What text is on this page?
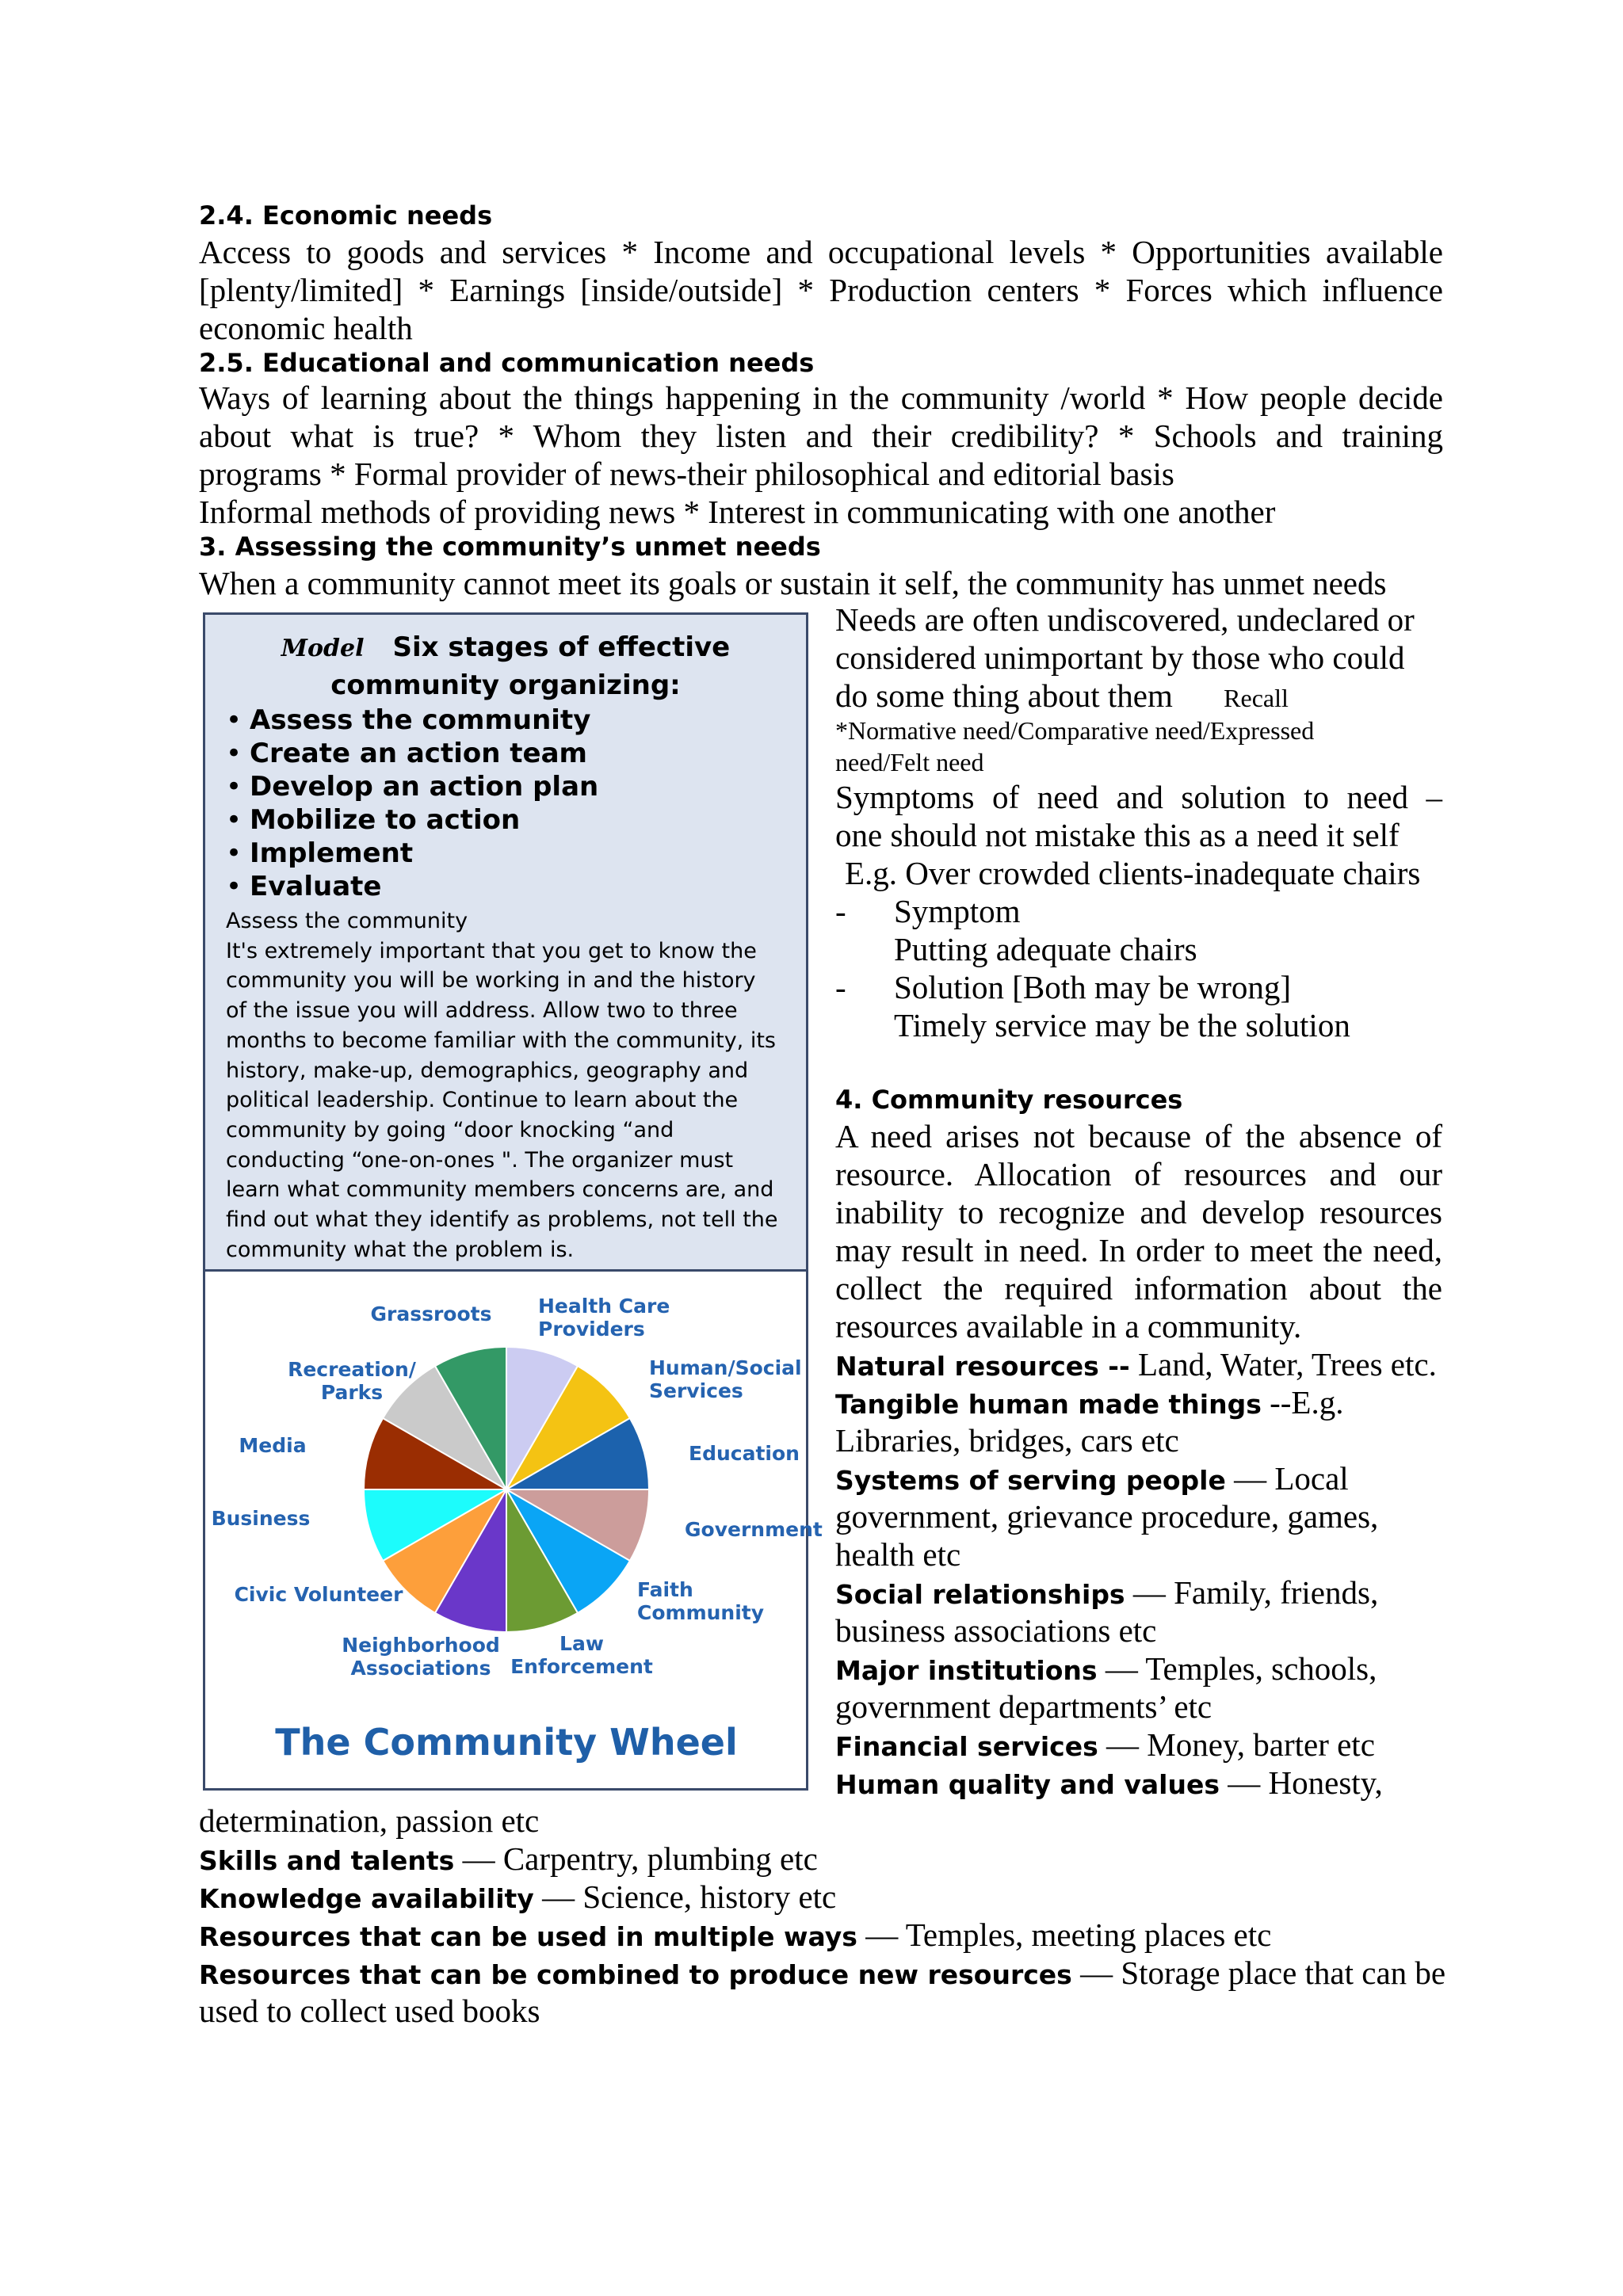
2.4. Economic needs
Access to goods and services * Income and occupational levels * Opportunities available
[plenty/limited] * Earnings [inside/outside] * Production centers * Forces which influence
economic health
2.5. Educational and communication needs
Ways of learning about the things happening in the community /world * How people decide
about what is true? * Whom they listen and their credibility? * Schools and training
programs * Formal provider of news-their philosophical and editorial basis
Informal methods of providing news * Interest in communicating with one another
3. Assessing the community’s unmet needs
When a community cannot meet its goals or sustain it self, the community has unmet needs
Model Six stages of effective
community organizing:
• Assess the community
• Create an action team
• Develop an action plan
• Mobilize to action
• Implement
• Evaluate
Assess the community
It's extremely important that you get to know the
community you will be working in and the history
of the issue you will address. Allow two to three
months to become familiar with the community, its
history, make-up, demographics, geography and
political leadership. Continue to learn about the
community by going “door knocking “and
conducting “one-on-ones ". The organizer must
learn what community members concerns are, and
find out what they identify as problems, not tell the
community what the problem is.
Health Care Providers
Human/Social Services
Education
Government
Faith Community
Law Enforcement
Neighborhood Associations
Civic Volunteer
Business
Media
Recreation/ Parks
Grassroots
The Community Wheel
Needs are often undiscovered, undeclared or
considered unimportant by those who could
do some thing about them Recall
*Normative need/Comparative need/Expressed
need/Felt need
Symptoms of need and solution to need –
one should not mistake this as a need it self
E.g. Over crowded clients-inadequate chairs
- Symptom
Putting adequate chairs
- Solution [Both may be wrong]
Timely service may be the solution
4. Community resources
A need arises not because of the absence of
resource. Allocation of resources and our
inability to recognize and develop resources
may result in need. In order to meet the need,
collect the required information about the
resources available in a community.
Natural resources -- Land, Water, Trees etc.
Tangible human made things --E.g.
Libraries, bridges, cars etc
Systems of serving people — Local
government, grievance procedure, games,
health etc
Social relationships — Family, friends,
business associations etc
Major institutions — Temples, schools,
government departments’ etc
Financial services — Money, barter etc
Human quality and values — Honesty,
determination, passion etc
Skills and talents — Carpentry, plumbing etc
Knowledge availability — Science, history etc
Resources that can be used in multiple ways — Temples, meeting places etc
Resources that can be combined to produce new resources — Storage place that can be
used to collect used books
